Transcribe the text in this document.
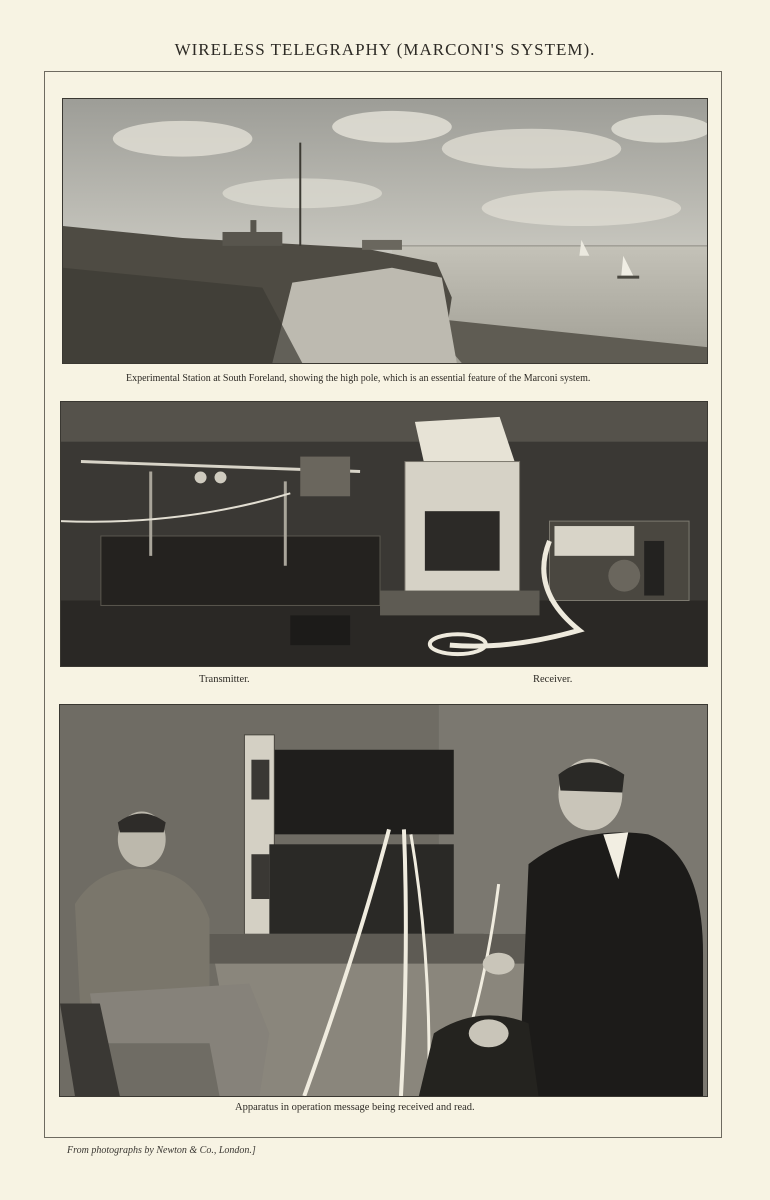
WIRELESS TELEGRAPHY (MARCONI'S SYSTEM).
Experimental Station at South Foreland, showing the high pole, which is an essential feature of the Marconi system.
Transmitter.	Receiver.
Apparatus in operation message being received and read.
From photographs by Newton & Co., London.]
